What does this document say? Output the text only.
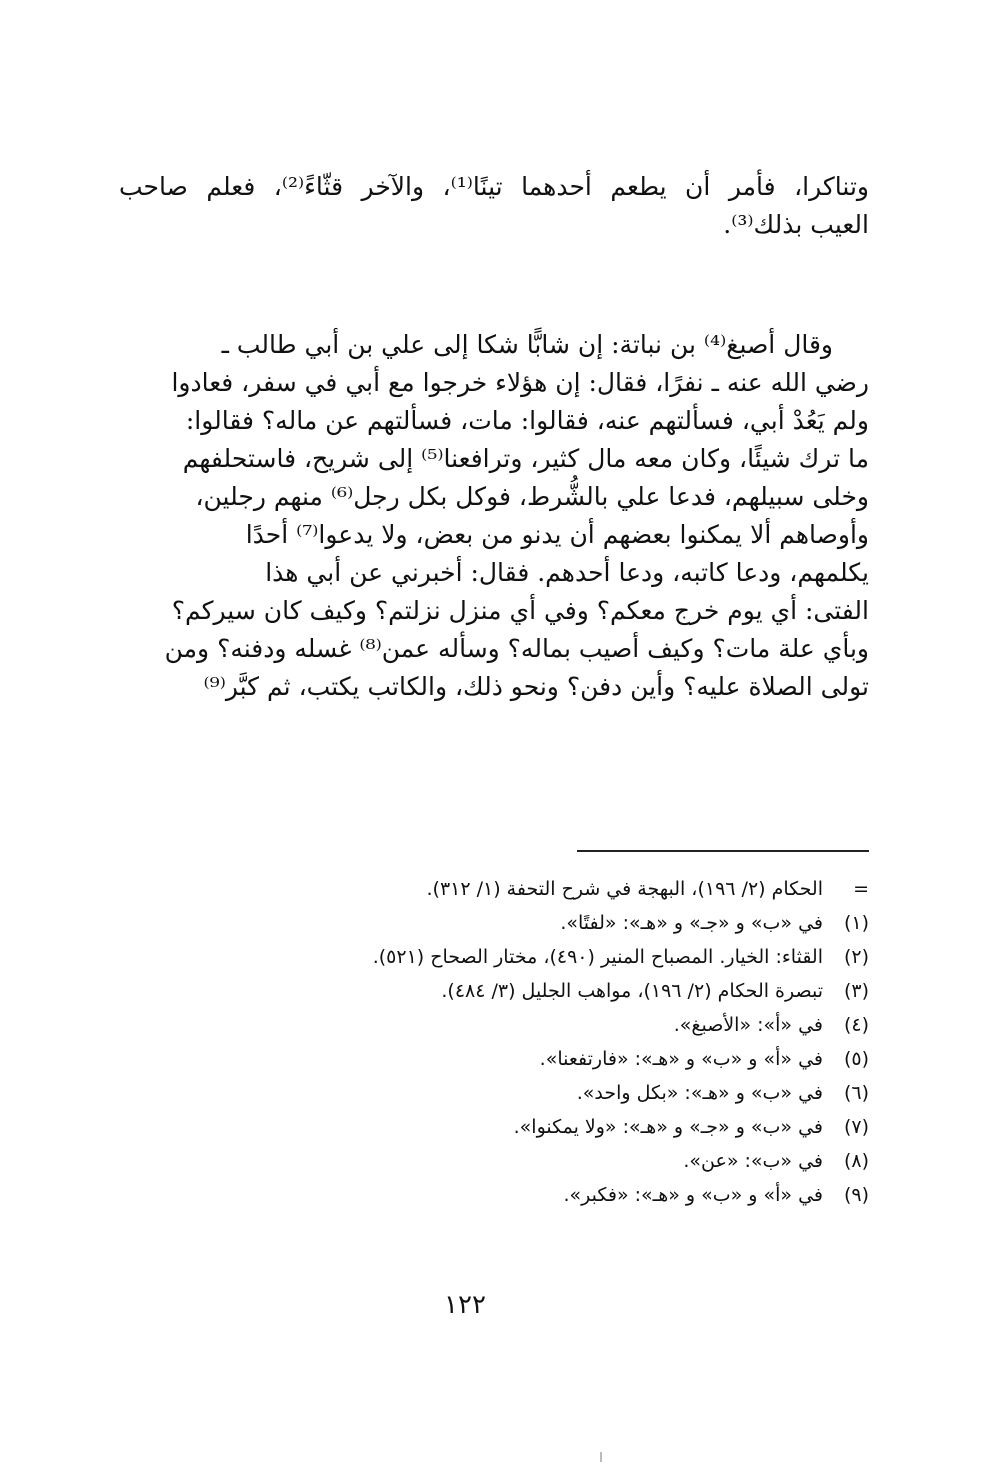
وتناكرا، فأمر أن يطعم أحدهما تينًا⁽¹⁾، والآخر قثّاءً⁽²⁾، فعلم صاحب
العيب بذلك⁽³⁾.
وقال أصبغ⁽⁴⁾ بن نباتة: إن شابًّا شكا إلى علي بن أبي طالب ـ
رضي الله عنه ـ نفرًا، فقال: إن هؤلاء خرجوا مع أبي في سفر، فعادوا
ولم يَعُدْ أبي، فسألتهم عنه، فقالوا: مات، فسألتهم عن ماله؟ فقالوا:
ما ترك شيئًا، وكان معه مال كثير، وترافعنا⁽⁵⁾ إلى شريح، فاستحلفهم
وخلى سبيلهم، فدعا علي بالشُّرط، فوكل بكل رجل⁽⁶⁾ منهم رجلين،
وأوصاهم ألا يمكنوا بعضهم أن يدنو من بعض، ولا يدعوا⁽⁷⁾ أحدًا
يكلمهم، ودعا كاتبه، ودعا أحدهم. فقال: أخبرني عن أبي هذا
الفتى: أي يوم خرج معكم؟ وفي أي منزل نزلتم؟ وكيف كان سيركم؟
وبأي علة مات؟ وكيف أصيب بماله؟ وسأله عمن⁽⁸⁾ غسله ودفنه؟ ومن
تولى الصلاة عليه؟ وأين دفن؟ ونحو ذلك، والكاتب يكتب، ثم كبَّر⁽⁹⁾
=
الحكام (٢/ ١٩٦)، البهجة في شرح التحفة (١/ ٣١٢).
(١)
في «ب» و «جـ» و «هـ»: «لفتًا».
(٢)
القثاء: الخيار. المصباح المنير (٤٩٠)، مختار الصحاح (٥٢١).
(٣)
تبصرة الحكام (٢/ ١٩٦)، مواهب الجليل (٣/ ٤٨٤).
(٤)
في «أ»: «الأصبغ».
(٥)
في «أ» و «ب» و «هـ»: «فارتفعنا».
(٦)
في «ب» و «هـ»: «بكل واحد».
(٧)
في «ب» و «جـ» و «هـ»: «ولا يمكنوا».
(٨)
في «ب»: «عن».
(٩)
في «أ» و «ب» و «هـ»: «فكبر».
١٢٢
